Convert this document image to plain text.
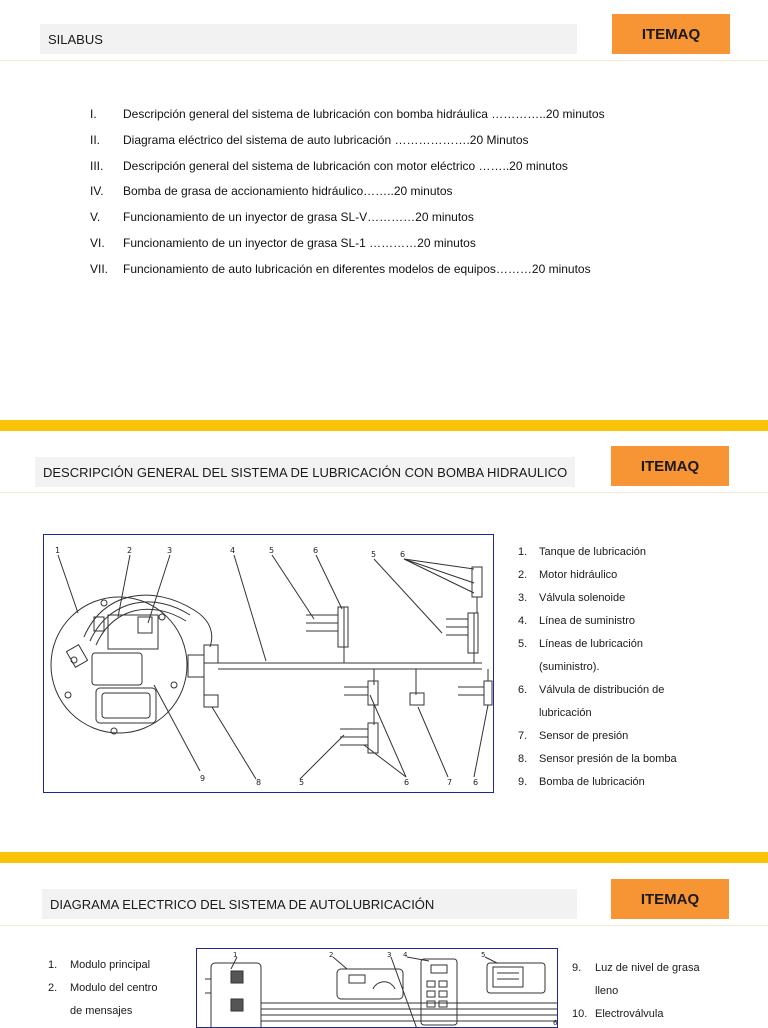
SILABUS	ITEMAQ
I.	Descripción general del sistema de lubricación con bomba hidráulica …………..20 minutos
II.	Diagrama eléctrico del sistema de auto lubricación ……………….20 Minutos
III.	Descripción general del sistema de lubricación con motor eléctrico ……..20 minutos
IV.	Bomba de grasa de accionamiento hidráulico……..20 minutos
V.	Funcionamiento de un inyector de grasa SL-V…………20 minutos
VI.	Funcionamiento de un inyector de grasa SL-1 …………20 minutos
VII.	Funcionamiento de auto lubricación en diferentes modelos de equipos………20 minutos
DESCRIPCIÓN GENERAL DEL SISTEMA DE LUBRICACIÓN CON BOMBA HIDRAULICO	ITEMAQ
1	2	3	4	5	6	5	6
9	8	5	6	7	6
1.	Tanque de lubricación
2.	Motor hidráulico
3.	Válvula solenoide
4.	Línea de suministro
5.	Líneas de lubricación
(suministro).
6.	Válvula de distribución de
lubricación
7.	Sensor de presión
8.	Sensor presión de la bomba
9.	Bomba de lubricación
DIAGRAMA ELECTRICO DEL SISTEMA DE AUTOLUBRICACIÓN	ITEMAQ
1.	Modulo principal
2.	Modulo del centro
de mensajes
1	2	3 4	5
6
9.	Luz de nivel de grasa
lleno
10. Electroválvula
